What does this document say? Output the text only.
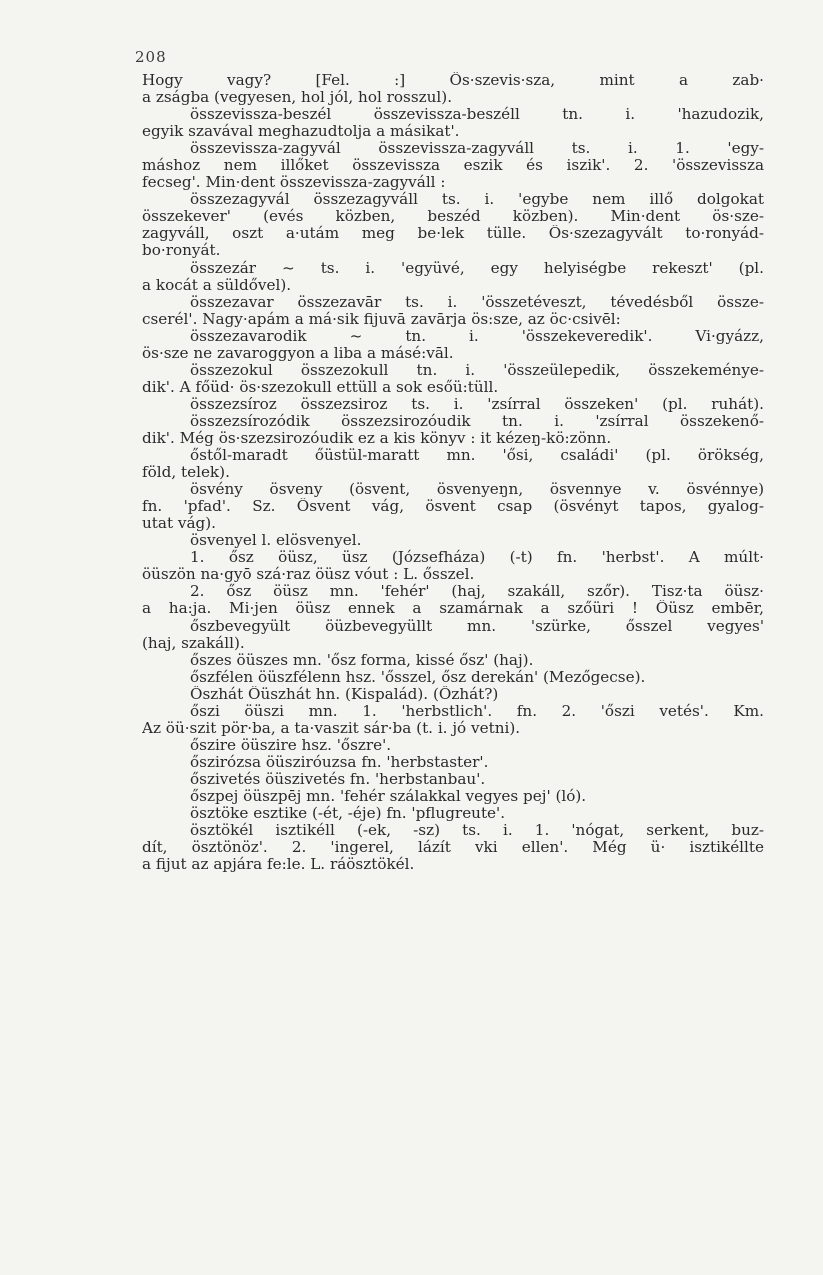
208
Hogy vagy? [Fel. :] Ös·szevis·sza, mint a zab·
a zságba (vegyesen, hol jól, hol rosszul).
összevissza-beszél összevissza-beszéll tn. i. 'hazudozik,
egyik szavával meghazudtolja a másikat'.
összevissza-zagyvál összevissza-zagyváll ts. i. 1. 'egy-
máshoz nem illőket összevissza eszik és iszik'. 2. 'összevissza
fecseg'. Min·dent összevissza-zagyváll :
összezagyvál összezagyváll ts. i. 'egybe nem illő dolgokat
összekever' (evés közben, beszéd közben). Min·dent ös·sze-
zagyváll, oszt a·utám meg be·lek tülle. Ös·szezagyvált to·ronyád-
bo·ronyát.
összezár ~ ts. i. 'együvé, egy helyiségbe rekeszt' (pl.
a kocát a süldővel).
összezavar összezavār ts. i. 'összetéveszt, tévedésből össze-
cserél'. Nagy·apám a má·sik fijuvā zavārja ös:sze, az öc·csivēl:
összezavarodik ~ tn. i. 'összekeveredik'. Vi·gyázz,
ös·sze ne zavaroggyon a liba a másé:vāl.
összezokul összezokull tn. i. 'összeülepedik, összekeménye-
dik'. A főüd· ös·szezokull ettüll a sok esőü:tüll.
összezsíroz összezsiroz ts. i. 'zsírral összeken' (pl. ruhát).
összezsírozódik összezsirozóudik tn. i. 'zsírral összekenő-
dik'. Még ös·szezsirozóudik ez a kis könyv : it kézeŋ-kö:zönn.
őstől-maradt őüstül-maratt mn. 'ősi, családi' (pl. örökség,
föld, telek).
ösvény ösveny (ösvent, ösvenyeŋn, ösvennye v. ösvénnye)
fn. 'pfad'. Sz. Ösvent vág, ösvent csap (ösvényt tapos, gyalog-
utat vág).
ösvenyel l. elösvenyel.
1. ősz öüsz, üsz (Józsefháza) (-t) fn. 'herbst'. A múlt·
öüszön na·gyō szá·raz öüsz vóut : L. ősszel.
2. ősz öüsz mn. 'fehér' (haj, szakáll, szőr). Tisz·ta öüsz·
a ha:ja. Mi·jen öüsz ennek a szamárnak a szőüri ! Öüsz embēr,
őszbevegyült öüzbevegyüllt mn. 'szürke, ősszel vegyes'
(haj, szakáll).
őszes öüszes mn. 'ősz forma, kissé ősz' (haj).
őszfélen öüszfélenn hsz. 'ősszel, ősz derekán' (Mezőgecse).
Őszhát Öüszhát hn. (Kispalád). (Őzhát?)
őszi öüszi mn. 1. 'herbstlich'. fn. 2. 'őszi vetés'. Km.
Az öü·szit pör·ba, a ta·vaszit sár·ba (t. i. jó vetni).
őszire öüszire hsz. 'őszre'.
őszirózsa öüszirόuzsa fn. 'herbstaster'.
őszivetés öüszivetés fn. 'herbstanbau'.
őszpej öüszpēj mn. 'fehér szálakkal vegyes pej' (ló).
ösztöke esztike (-ét, -éje) fn. 'pflugreute'.
ösztökél isztikéll (-ek, -sz) ts. i. 1. 'nógat, serkent, buz-
dít, ösztönöz'. 2. 'ingerel, lázít vki ellen'. Még ü· isztikéllte
a fijut az apjára fe:le. L. ráösztökél.
